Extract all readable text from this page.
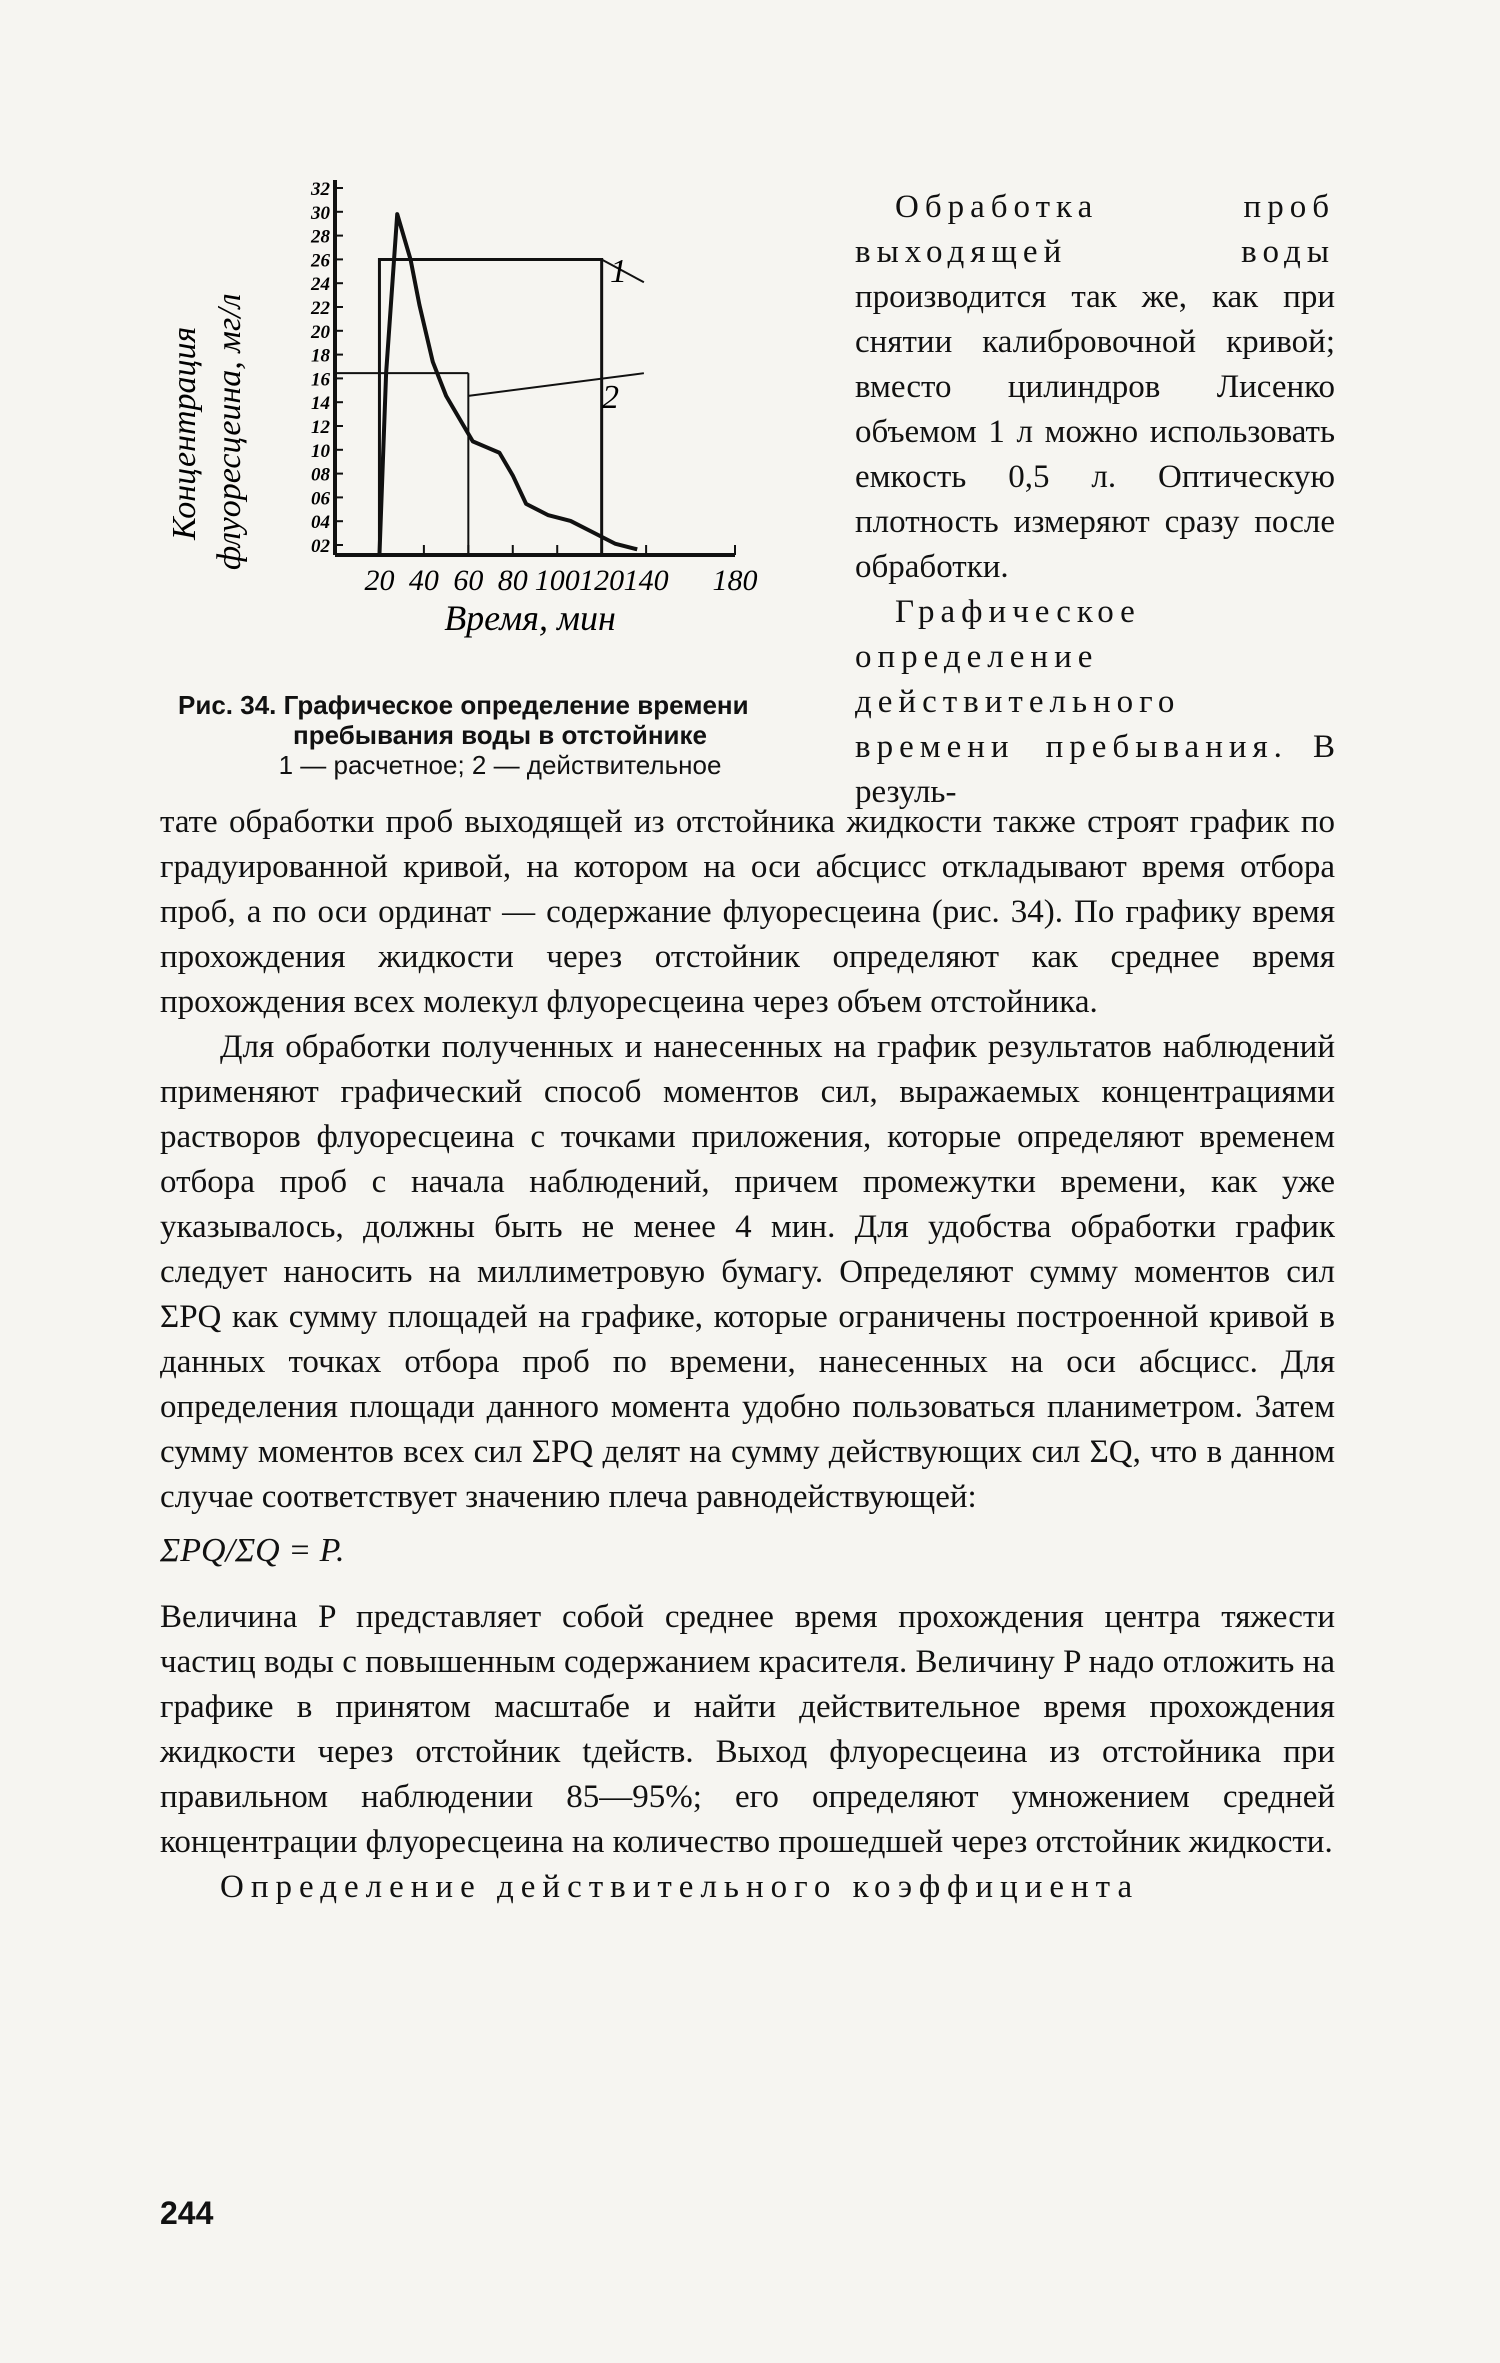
Концентрация флуоресцеина, мг/л
32
30
28
26
24
22
20
18
16
14
12
10
08
06
04
02
20 40 60 80 100 120 140 180
1
2
Время, мин
Рис. 34. Графическое определение времени
пребывания воды в отстойнике
1 — расчетное; 2 — действительное

Обработка проб выходящей воды производится так же, как при снятии калибровочной кривой; вместо цилиндров Лисенко объемом 1 л можно использовать емкость 0,5 л. Оптическую плотность измеряют сразу после обработки.

Графическое определение действительного времени пребывания. В резуль-

тате обработки проб выходящей из отстойника жидкости также строят график по градуированной кривой, на котором на оси абсцисс откладывают время отбора проб, а по оси ординат — содержание флуоресцеина (рис. 34). По графику время прохождения жидкости через отстойник определяют как среднее время прохождения всех молекул флуоресцеина через объем отстойника.

Для обработки полученных и нанесенных на график результатов наблюдений применяют графический способ моментов сил, выражаемых концентрациями растворов флуоресцеина с точками приложения, которые определяют временем отбора проб с начала наблюдений, причем промежутки времени, как уже указывалось, должны быть не менее 4 мин. Для удобства обработки график следует наносить на миллиметровую бумагу. Определяют сумму моментов сил ΣPQ как сумму площадей на графике, которые ограничены построенной кривой в данных точках отбора проб по времени, нанесенных на оси абсцисс. Для определения площади данного момента удобно пользоваться планиметром. Затем сумму моментов всех сил ΣPQ делят на сумму действующих сил ΣQ, что в данном случае соответствует значению плеча равнодействующей:

ΣPQ/ΣQ = P.

Величина P представляет собой среднее время прохождения центра тяжести частиц воды с повышенным содержанием красителя. Величину P надо отложить на графике в принятом масштабе и найти действительное время прохождения жидкости через отстойник tдейств. Выход флуоресцеина из отстойника при правильном наблюдении 85—95%; его определяют умножением средней концентрации флуоресцеина на количество прошедшей через отстойник жидкости.

Определение действительного коэффициента

244
